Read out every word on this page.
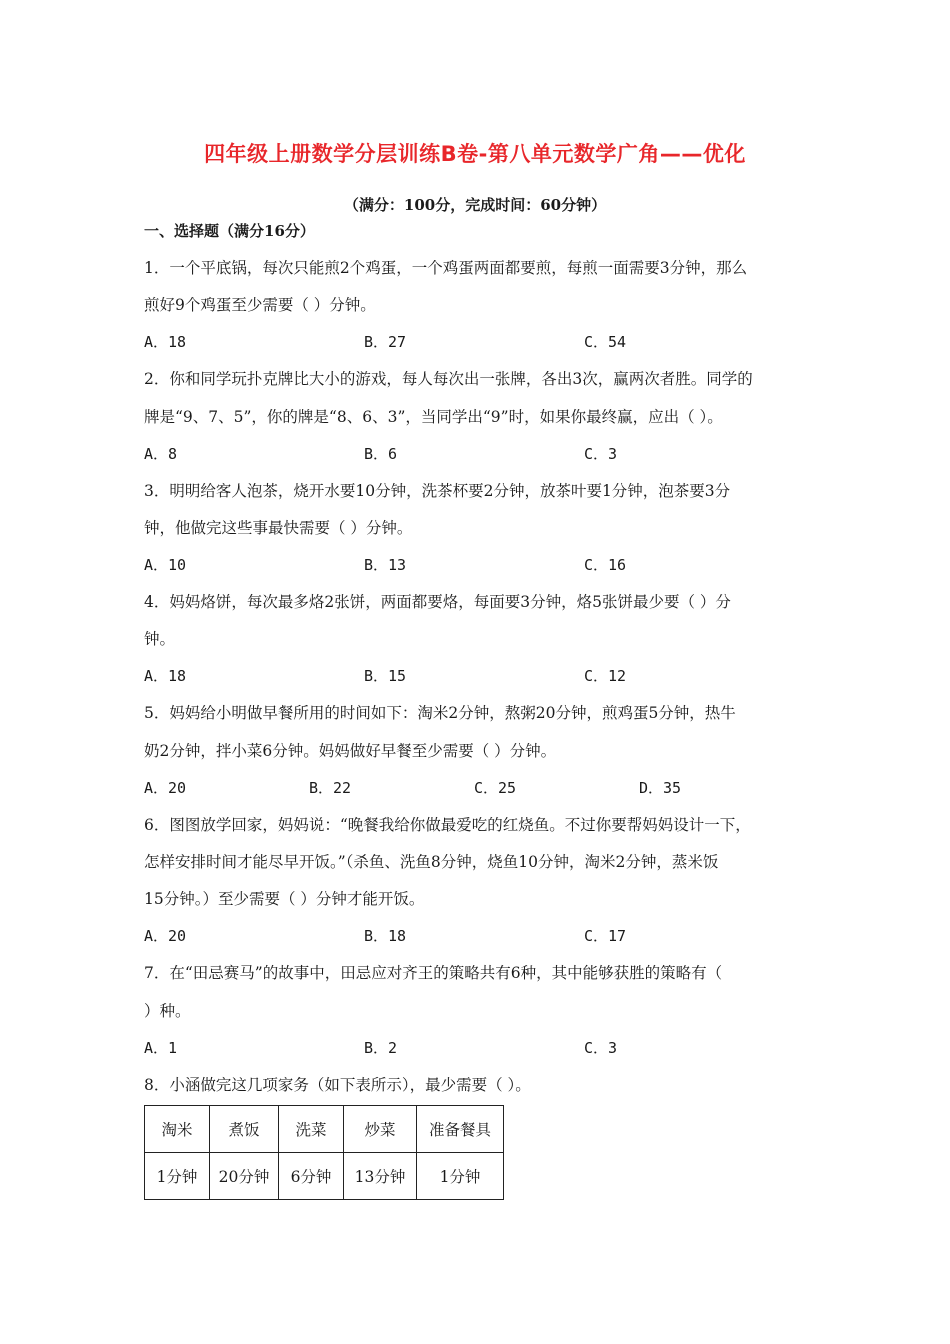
四年级上册数学分层训练B卷-第八单元数学广角——优化
（满分：100分，完成时间：60分钟）
一、选择题（满分16分）
1．一个平底锅，每次只能煎2个鸡蛋，一个鸡蛋两面都要煎，每煎一面需要3分钟，那么
煎好9个鸡蛋至少需要（ ）分钟。
A．18	B．27	C．54
2．你和同学玩扑克牌比大小的游戏，每人每次出一张牌，各出3次，赢两次者胜。同学的
牌是“9、7、5”，你的牌是“8、6、3”，当同学出“9”时，如果你最终赢，应出（ ）。
A．8	B．6	C．3
3．明明给客人泡茶，烧开水要10分钟，洗茶杯要2分钟，放茶叶要1分钟，泡茶要3分
钟，他做完这些事最快需要（ ）分钟。
A．10	B．13	C．16
4．妈妈烙饼，每次最多烙2张饼，两面都要烙，每面要3分钟，烙5张饼最少要（ ）分
钟。
A．18	B．15	C．12
5．妈妈给小明做早餐所用的时间如下：淘米2分钟，熬粥20分钟，煎鸡蛋5分钟，热牛
奶2分钟，拌小菜6分钟。妈妈做好早餐至少需要（ ）分钟。
A．20	B．22	C．25	D．35
6．图图放学回家，妈妈说：“晚餐我给你做最爱吃的红烧鱼。不过你要帮妈妈设计一下，
怎样安排时间才能尽早开饭。”（杀鱼、洗鱼8分钟，烧鱼10分钟，淘米2分钟，蒸米饭
15分钟。）至少需要（ ）分钟才能开饭。
A．20	B．18	C．17
7．在“田忌赛马”的故事中，田忌应对齐王的策略共有6种，其中能够获胜的策略有（
）种。
A．1	B．2	C．3
8．小涵做完这几项家务（如下表所示），最少需要（ ）。
淘米	煮饭	洗菜	炒菜	准备餐具
1分钟	20分钟	6分钟	13分钟	1分钟
